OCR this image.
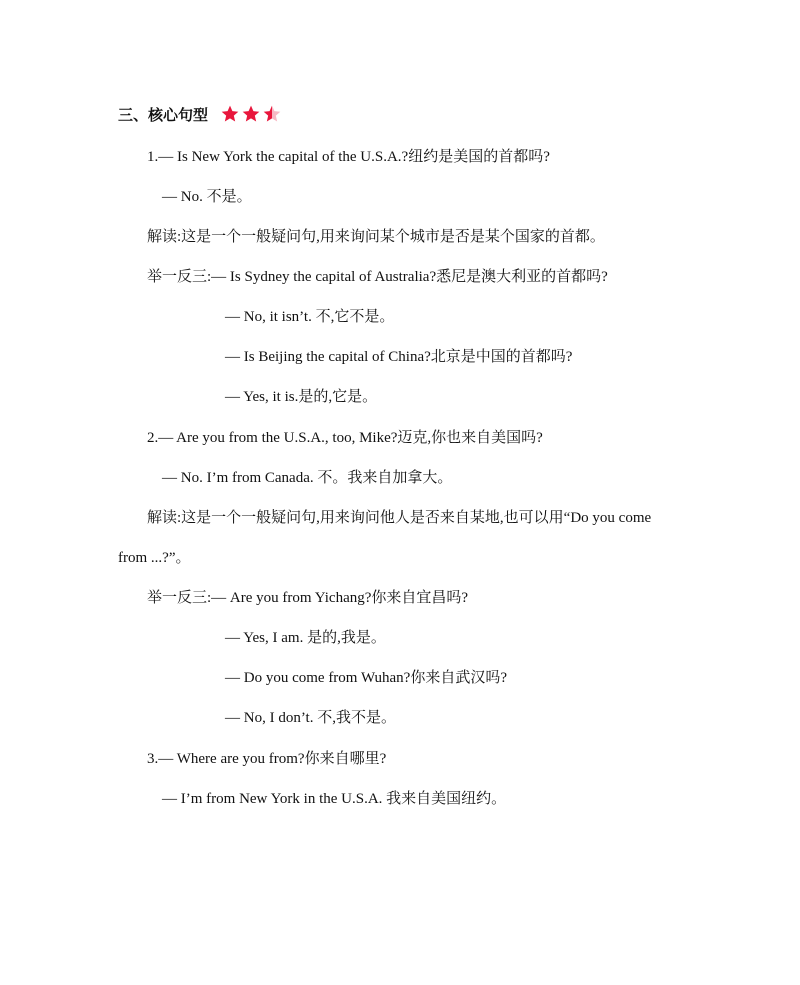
三、核心句型
1.— Is New York the capital of the U.S.A.?纽约是美国的首都吗?
— No. 不是。
解读:这是一个一般疑问句,用来询问某个城市是否是某个国家的首都。
举一反三:— Is Sydney the capital of Australia?悉尼是澳大利亚的首都吗?
— No, it isn’t. 不,它不是。
— Is Beijing the capital of China?北京是中国的首都吗?
— Yes, it is.是的,它是。
2.— Are you from the U.S.A., too, Mike?迈克,你也来自美国吗?
— No. I’m from Canada. 不。我来自加拿大。
解读:这是一个一般疑问句,用来询问他人是否来自某地,也可以用“Do you come
from ...?”。
举一反三:— Are you from Yichang?你来自宜昌吗?
— Yes, I am. 是的,我是。
— Do you come from Wuhan?你来自武汉吗?
— No, I don’t. 不,我不是。
3.— Where are you from?你来自哪里?
— I’m from New York in the U.S.A. 我来自美国纽约。
